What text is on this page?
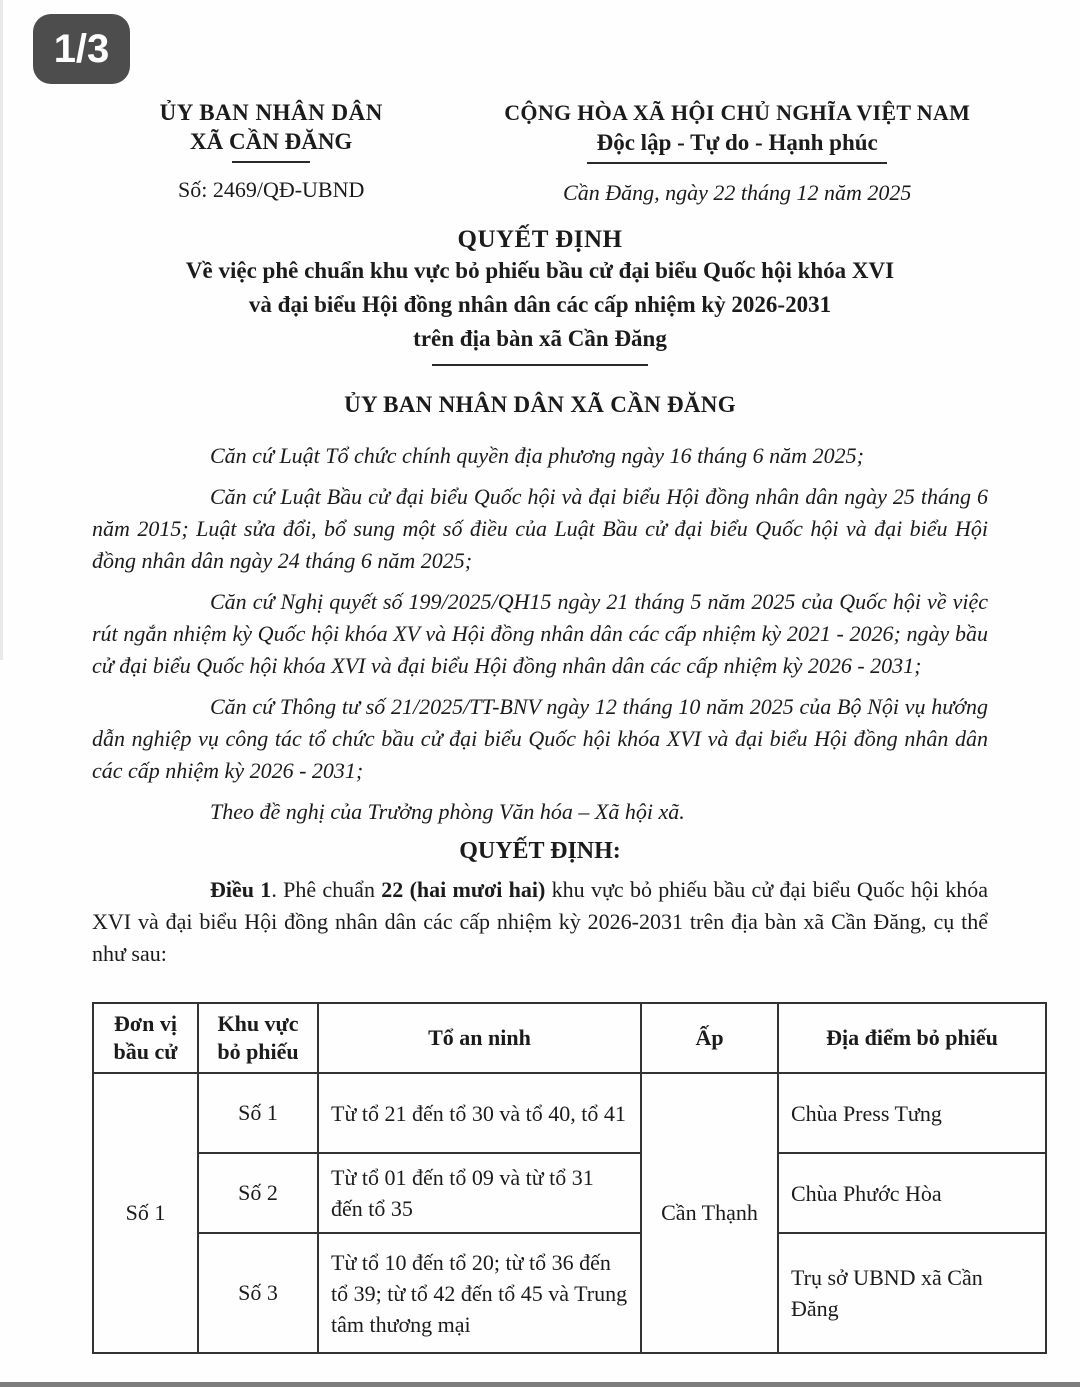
1/3
ỦY BAN NHÂN DÂN
XÃ CẦN ĐĂNG
Số: 2469/QĐ-UBND
CỘNG HÒA XÃ HỘI CHỦ NGHĨA VIỆT NAM
Độc lập - Tự do - Hạnh phúc
Cần Đăng, ngày 22 tháng 12 năm 2025
QUYẾT ĐỊNH
Về việc phê chuẩn khu vực bỏ phiếu bầu cử đại biểu Quốc hội khóa XVI
và đại biểu Hội đồng nhân dân các cấp nhiệm kỳ 2026-2031
trên địa bàn xã Cần Đăng
ỦY BAN NHÂN DÂN XÃ CẦN ĐĂNG

Căn cứ Luật Tổ chức chính quyền địa phương ngày 16 tháng 6 năm 2025;

Căn cứ Luật Bầu cử đại biểu Quốc hội và đại biểu Hội đồng nhân dân ngày 25 tháng 6 năm 2015; Luật sửa đổi, bổ sung một số điều của Luật Bầu cử đại biểu Quốc hội và đại biểu Hội đồng nhân dân ngày 24 tháng 6 năm 2025;

Căn cứ Nghị quyết số 199/2025/QH15 ngày 21 tháng 5 năm 2025 của Quốc hội về việc rút ngắn nhiệm kỳ Quốc hội khóa XV và Hội đồng nhân dân các cấp nhiệm kỳ 2021 - 2026; ngày bầu cử đại biểu Quốc hội khóa XVI và đại biểu Hội đồng nhân dân các cấp nhiệm kỳ 2026 - 2031;

Căn cứ Thông tư số 21/2025/TT-BNV ngày 12 tháng 10 năm 2025 của Bộ Nội vụ hướng dẫn nghiệp vụ công tác tổ chức bầu cử đại biểu Quốc hội khóa XVI và đại biểu Hội đồng nhân dân các cấp nhiệm kỳ 2026 - 2031;

Theo đề nghị của Trưởng phòng Văn hóa – Xã hội xã.

QUYẾT ĐỊNH:

Điều 1. Phê chuẩn 22 (hai mươi hai) khu vực bỏ phiếu bầu cử đại biểu Quốc hội khóa XVI và đại biểu Hội đồng nhân dân các cấp nhiệm kỳ 2026-2031 trên địa bàn xã Cần Đăng, cụ thể như sau:

Đơn vị bầu cử	Khu vực bỏ phiếu	Tổ an ninh	Ấp	Địa điểm bỏ phiếu
Số 1	Số 1	Từ tổ 21 đến tổ 30 và tổ 40, tổ 41	Cần Thạnh	Chùa Press Tưng
	Số 2	Từ tổ 01 đến tổ 09 và từ tổ 31 đến tổ 35		Chùa Phước Hòa
	Số 3	Từ tổ 10 đến tổ 20; từ tổ 36 đến tổ 39; từ tổ 42 đến tổ 45 và Trung tâm thương mại		Trụ sở UBND xã Cần Đăng
